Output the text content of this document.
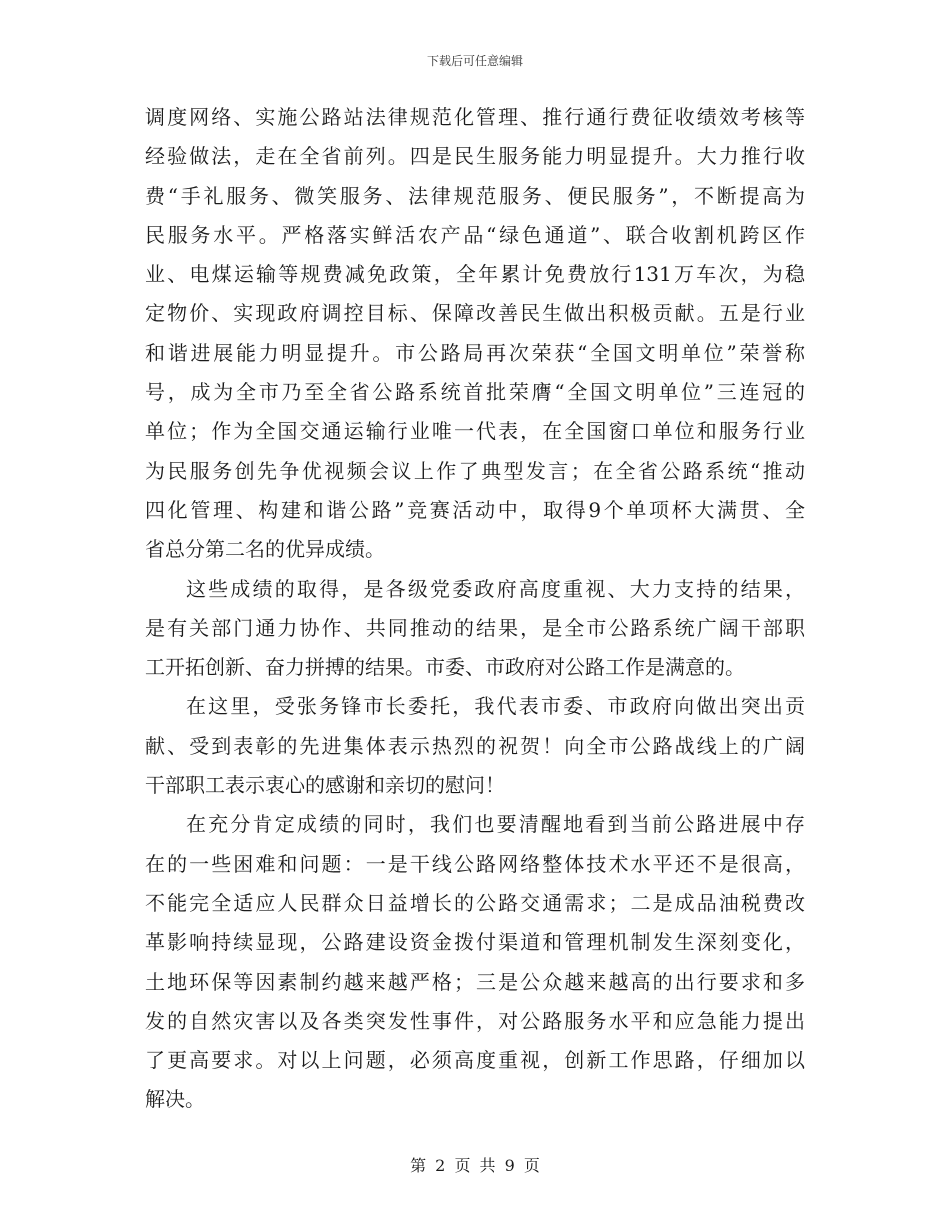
下载后可任意编辑
调度网络、实施公路站法律规范化管理、推行通行费征收绩效考核等
经验做法，走在全省前列。四是民生服务能力明显提升。大力推行收
费“手礼服务、微笑服务、法律规范服务、便民服务”，不断提高为
民服务水平。严格落实鲜活农产品“绿色通道”、联合收割机跨区作
业、电煤运输等规费减免政策，全年累计免费放行131万车次，为稳
定物价、实现政府调控目标、保障改善民生做出积极贡献。五是行业
和谐进展能力明显提升。市公路局再次荣获“全国文明单位”荣誉称
号，成为全市乃至全省公路系统首批荣膺“全国文明单位”三连冠的
单位；作为全国交通运输行业唯一代表，在全国窗口单位和服务行业
为民服务创先争优视频会议上作了典型发言；在全省公路系统“推动
四化管理、构建和谐公路”竞赛活动中，取得9个单项杯大满贯、全
省总分第二名的优异成绩。
这些成绩的取得，是各级党委政府高度重视、大力支持的结果，
是有关部门通力协作、共同推动的结果，是全市公路系统广阔干部职
工开拓创新、奋力拼搏的结果。市委、市政府对公路工作是满意的。
在这里，受张务锋市长委托，我代表市委、市政府向做出突出贡
献、受到表彰的先进集体表示热烈的祝贺！向全市公路战线上的广阔
干部职工表示衷心的感谢和亲切的慰问！
在充分肯定成绩的同时，我们也要清醒地看到当前公路进展中存
在的一些困难和问题：一是干线公路网络整体技术水平还不是很高，
不能完全适应人民群众日益增长的公路交通需求；二是成品油税费改
革影响持续显现，公路建设资金拨付渠道和管理机制发生深刻变化，
土地环保等因素制约越来越严格；三是公众越来越高的出行要求和多
发的自然灾害以及各类突发性事件，对公路服务水平和应急能力提出
了更高要求。对以上问题，必须高度重视，创新工作思路，仔细加以
解决。
第 2 页 共 9 页
